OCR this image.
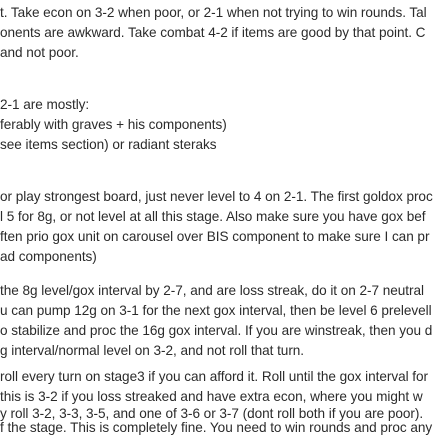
t. Take econ on 3-2 when poor, or 2-1 when not trying to win rounds. Tal
onents are awkward. Take combat 4-2 if items are good by that point. C
and not poor.
2-1 are mostly:
ferably with graves + his components)
see items section) or radiant steraks
or play strongest board, just never level to 4 on 2-1. The first goldox proc
l 5 for 8g, or not level at all this stage. Also make sure you have gox bef
ften prio gox unit on carousel over BIS component to make sure I can pr
ad components)
the 8g level/gox interval by 2-7, and are loss streak, do it on 2-7 neutral
u can pump 12g on 3-1 for the next gox interval, then be level 6 prelevell
o stabilize and proc the 16g gox interval. If you are winstreak, then you d
g interval/normal level on 3-2, and not roll that turn.
roll every turn on stage3 if you can afford it. Roll until the gox interval for
this is 3-2 if you loss streaked and have extra econ, where you might w
y roll 3-2, 3-3, 3-5, and one of 3-6 or 3-7 (dont roll both if you are poor).
f the stage. This is completely fine. You need to win rounds and proc any
